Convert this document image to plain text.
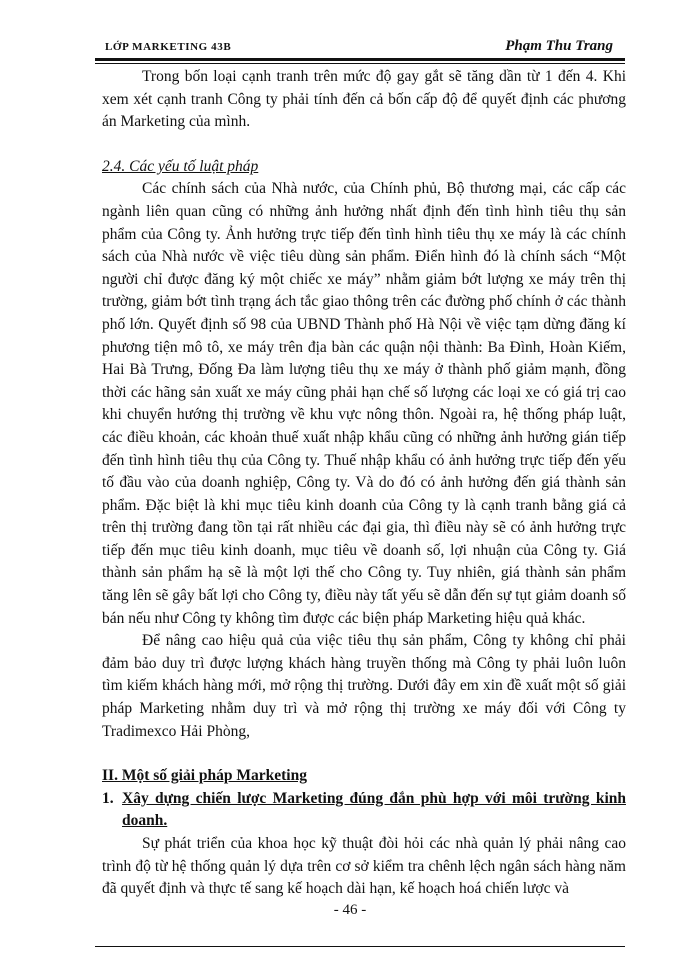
LỚP MARKETING 43B	Phạm Thu Trang

Trong bốn loại cạnh tranh trên mức độ gay gắt sẽ tăng dần từ 1 đến 4. Khi xem xét cạnh tranh Công ty phải tính đến cả bốn cấp độ để quyết định các phương án Marketing của mình.

2.4. Các yếu tố luật pháp

Các chính sách của Nhà nước, của Chính phủ, Bộ thương mại, các cấp các ngành liên quan cũng có những ảnh hưởng nhất định đến tình hình tiêu thụ sản phẩm của Công ty. Ảnh hưởng trực tiếp đến tình hình tiêu thụ xe máy là các chính sách của Nhà nước về việc tiêu dùng sản phẩm. Điển hình đó là chính sách “Một người chỉ được đăng ký một chiếc xe máy” nhằm giảm bớt lượng xe máy trên thị trường, giảm bớt tình trạng ách tắc giao thông trên các đường phố chính ở các thành phố lớn. Quyết định số 98 của UBND Thành phố Hà Nội về việc tạm dừng đăng kí phương tiện mô tô, xe máy trên địa bàn các quận nội thành: Ba Đình, Hoàn Kiếm, Hai Bà Trưng, Đống Đa làm lượng tiêu thụ xe máy ở thành phố giảm mạnh, đồng thời các hãng sản xuất xe máy cũng phải hạn chế số lượng các loại xe có giá trị cao khi chuyển hướng thị trường về khu vực nông thôn. Ngoài ra, hệ thống pháp luật, các điều khoản, các khoản thuế xuất nhập khẩu cũng có những ảnh hưởng gián tiếp đến tình hình tiêu thụ của Công ty. Thuế nhập khẩu có ảnh hưởng trực tiếp đến yếu tố đầu vào của doanh nghiệp, Công ty. Và do đó có ảnh hưởng đến giá thành sản phẩm. Đặc biệt là khi mục tiêu kinh doanh của Công ty là cạnh tranh bằng giá cả trên thị trường đang tồn tại rất nhiều các đại gia, thì điều này sẽ có ảnh hưởng trực tiếp đến mục tiêu kinh doanh, mục tiêu về doanh số, lợi nhuận của Công ty. Giá thành sản phẩm hạ sẽ là một lợi thế cho Công ty. Tuy nhiên, giá thành sản phẩm tăng lên sẽ gây bất lợi cho Công ty, điều này tất yếu sẽ dẫn đến sự tụt giảm doanh số bán nếu như Công ty không tìm được các biện pháp Marketing hiệu quả khác.

Để nâng cao hiệu quả của việc tiêu thụ sản phẩm, Công ty không chỉ phải đảm bảo duy trì được lượng khách hàng truyền thống mà Công ty phải luôn luôn tìm kiếm khách hàng mới, mở rộng thị trường. Dưới đây em xin đề xuất một số giải pháp Marketing nhằm duy trì và mở rộng thị trường xe máy đối với Công ty Tradimexco Hải Phòng,

II. Một số giải pháp Marketing

1. Xây dựng chiến lược Marketing đúng đắn phù hợp với môi trường kinh doanh.

Sự phát triển của khoa học kỹ thuật đòi hỏi các nhà quản lý phải nâng cao trình độ từ hệ thống quản lý dựa trên cơ sở kiểm tra chênh lệch ngân sách hàng năm đã quyết định và thực tế sang kế hoạch dài hạn, kế hoạch hoá chiến lược và

- 46 -
